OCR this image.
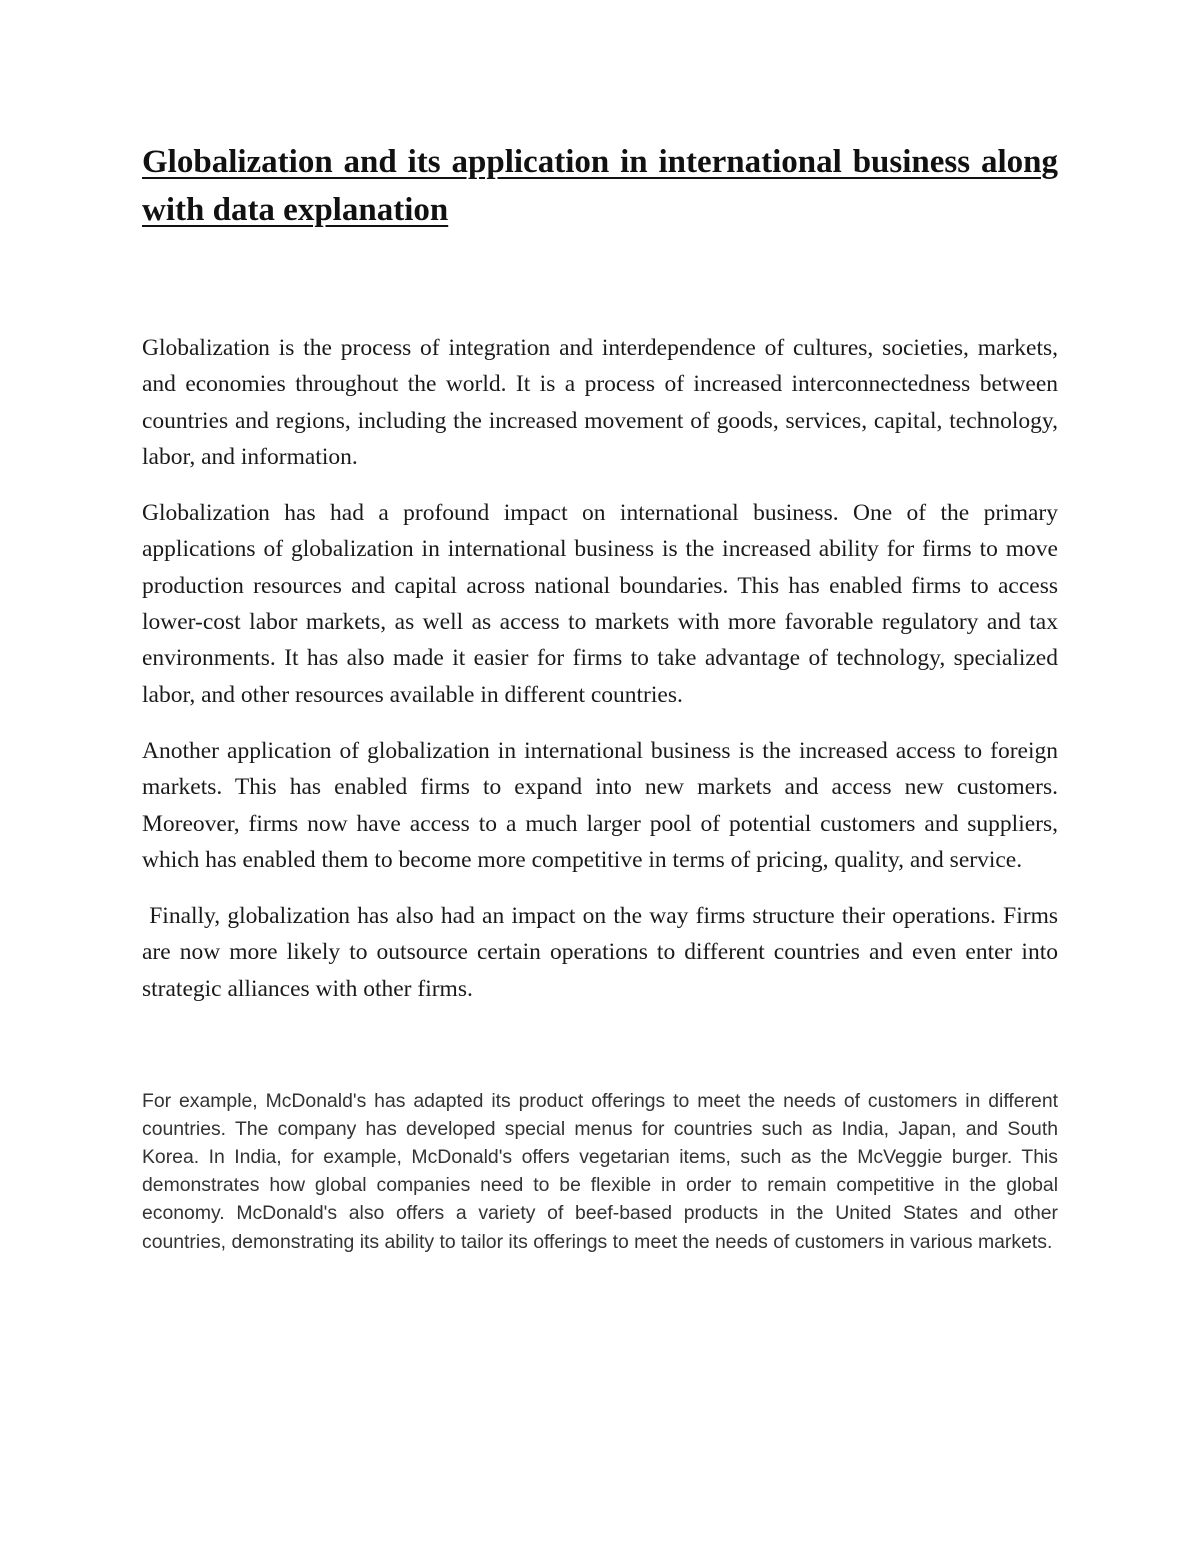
Globalization and its application in international business along with data explanation

Globalization is the process of integration and interdependence of cultures, societies, markets, and economies throughout the world. It is a process of increased interconnectedness between countries and regions, including the increased movement of goods, services, capital, technology, labor, and information.

Globalization has had a profound impact on international business. One of the primary applications of globalization in international business is the increased ability for firms to move production resources and capital across national boundaries. This has enabled firms to access lower-cost labor markets, as well as access to markets with more favorable regulatory and tax environments. It has also made it easier for firms to take advantage of technology, specialized labor, and other resources available in different countries.

Another application of globalization in international business is the increased access to foreign markets. This has enabled firms to expand into new markets and access new customers. Moreover, firms now have access to a much larger pool of potential customers and suppliers, which has enabled them to become more competitive in terms of pricing, quality, and service.

Finally, globalization has also had an impact on the way firms structure their operations. Firms are now more likely to outsource certain operations to different countries and even enter into strategic alliances with other firms.

For example, McDonald's has adapted its product offerings to meet the needs of customers in different countries. The company has developed special menus for countries such as India, Japan, and South Korea. In India, for example, McDonald's offers vegetarian items, such as the McVeggie burger. This demonstrates how global companies need to be flexible in order to remain competitive in the global economy. McDonald's also offers a variety of beef-based products in the United States and other countries, demonstrating its ability to tailor its offerings to meet the needs of customers in various markets.
